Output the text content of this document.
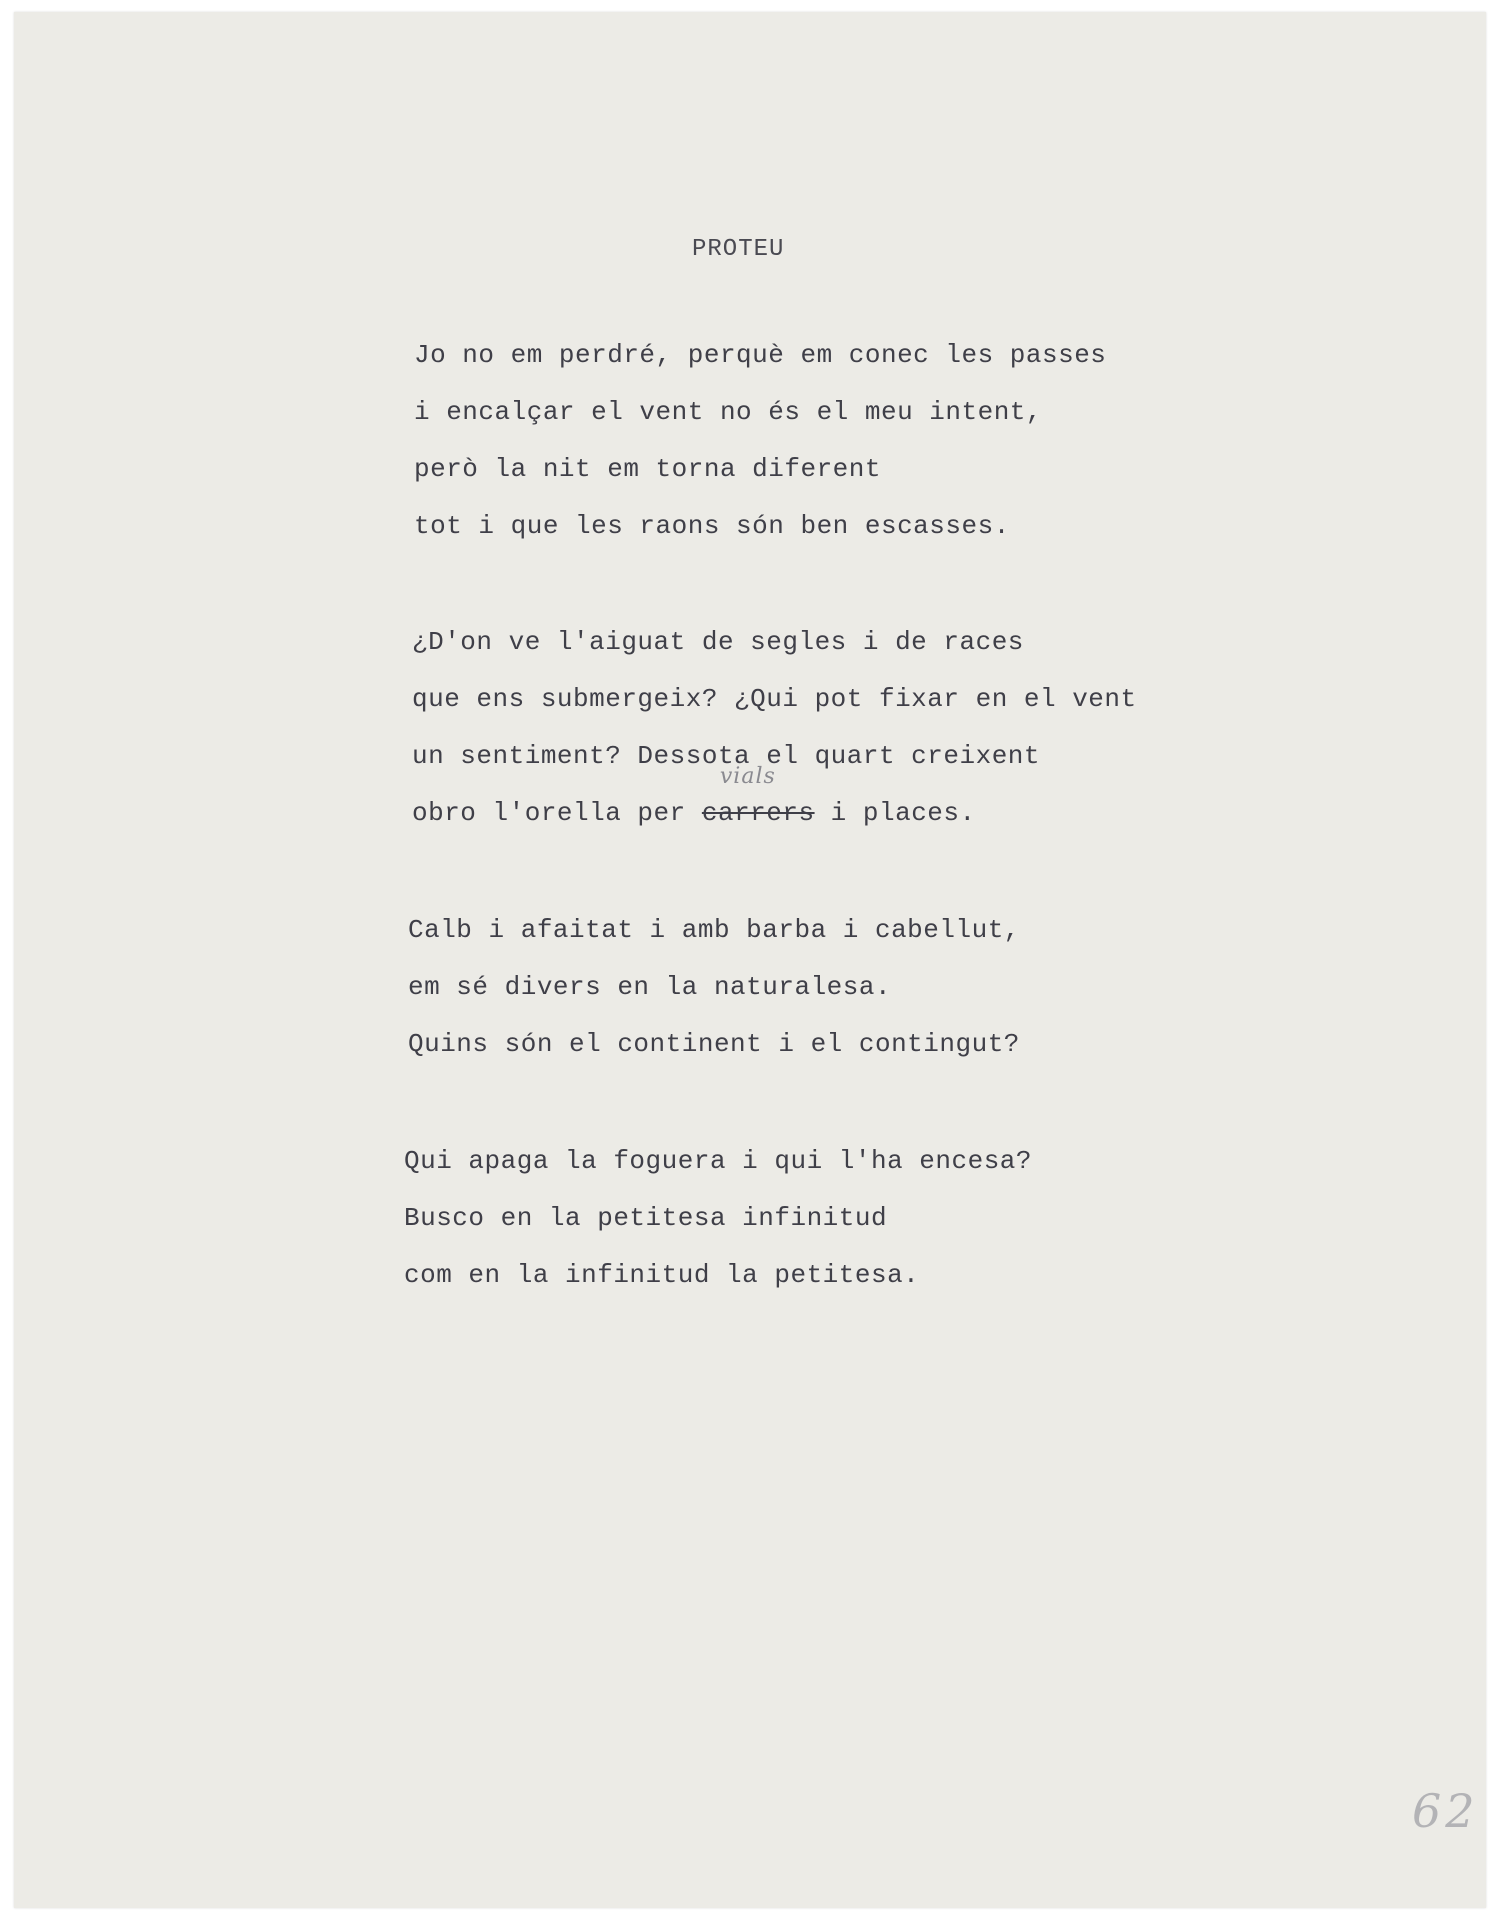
PROTEU
Jo no em perdré, perquè em conec les passes
i encalçar el vent no és el meu intent,
però la nit em torna diferent
tot i que les raons són ben escasses.
¿D'on ve l'aiguat de segles i de races
que ens submergeix? ¿Qui pot fixar en el vent
un sentiment? Dessota el quart creixent
obro l'orella per carrers
vials
i places.
Calb i afaitat i amb barba i cabellut,
em sé divers en la naturalesa.
Quins són el continent i el contingut?
Qui apaga la foguera i qui l'ha encesa?
Busco en la petitesa infinitud
com en la infinitud la petitesa.
62
